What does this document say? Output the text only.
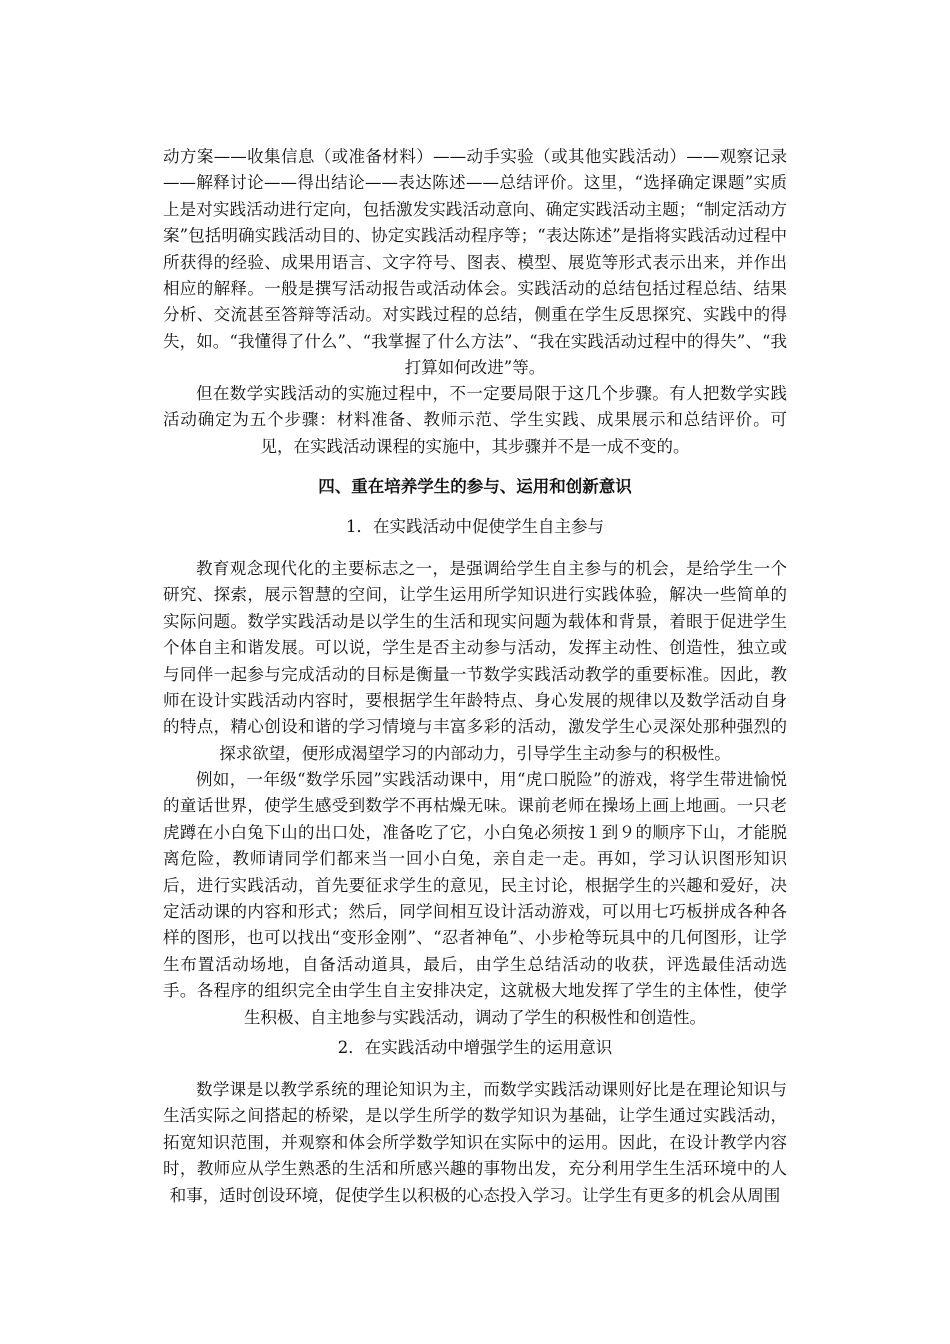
动方案——收集信息（或准备材料）——动手实验（或其他实践活动）——观察记录——解释讨论——得出结论——表达陈述——总结评价。这里，“选择确定课题”实质上是对实践活动进行定向，包括激发实践活动意向、确定实践活动主题；“制定活动方案”包括明确实践活动目的、协定实践活动程序等；“表达陈述”是指将实践活动过程中所获得的经验、成果用语言、文字符号、图表、模型、展览等形式表示出来，并作出相应的解释。一般是撰写活动报告或活动体会。实践活动的总结包括过程总结、结果分析、交流甚至答辩等活动。对实践过程的总结，侧重在学生反思探究、实践中的得失，如。“我懂得了什么”、“我掌握了什么方法”、“我在实践活动过程中的得失”、“我打算如何改进”等。

但在数学实践活动的实施过程中，不一定要局限于这几个步骤。有人把数学实践活动确定为五个步骤：材料准备、教师示范、学生实践、成果展示和总结评价。可见，在实践活动课程的实施中，其步骤并不是一成不变的。

四、重在培养学生的参与、运用和创新意识

1．在实践活动中促使学生自主参与

教育观念现代化的主要标志之一，是强调给学生自主参与的机会，是给学生一个研究、探索，展示智慧的空间，让学生运用所学知识进行实践体验，解决一些简单的实际问题。数学实践活动是以学生的生活和现实问题为载体和背景，着眼于促进学生个体自主和谐发展。可以说，学生是否主动参与活动，发挥主动性、创造性，独立或与同伴一起参与完成活动的目标是衡量一节数学实践活动教学的重要标准。因此，教师在设计实践活动内容时，要根据学生年龄特点、身心发展的规律以及数学活动自身的特点，精心创设和谐的学习情境与丰富多彩的活动，激发学生心灵深处那种强烈的探求欲望，便形成渴望学习的内部动力，引导学生主动参与的积极性。

例如，一年级“数学乐园”实践活动课中，用“虎口脱险”的游戏，将学生带进愉悦的童话世界，使学生感受到数学不再枯燥无味。课前老师在操场上画上地画。一只老虎蹲在小白兔下山的出口处，准备吃了它，小白兔必须按１到９的顺序下山，才能脱离危险，教师请同学们都来当一回小白兔，亲自走一走。再如，学习认识图形知识后，进行实践活动，首先要征求学生的意见，民主讨论，根据学生的兴趣和爱好，决定活动课的内容和形式；然后，同学间相互设计活动游戏，可以用七巧板拼成各种各样的图形，也可以找出“变形金刚”、“忍者神龟”、小步枪等玩具中的几何图形，让学生布置活动场地，自备活动道具，最后，由学生总结活动的收获，评选最佳活动选手。各程序的组织完全由学生自主安排决定，这就极大地发挥了学生的主体性，使学生积极、自主地参与实践活动，调动了学生的积极性和创造性。

2．在实践活动中增强学生的运用意识

数学课是以教学系统的理论知识为主，而数学实践活动课则好比是在理论知识与生活实际之间搭起的桥梁，是以学生所学的数学知识为基础，让学生通过实践活动，拓宽知识范围，并观察和体会所学数学知识在实际中的运用。因此，在设计教学内容时，教师应从学生熟悉的生活和所感兴趣的事物出发，充分利用学生生活环境中的人和事，适时创设环境，促使学生以积极的心态投入学习。让学生有更多的机会从周围
